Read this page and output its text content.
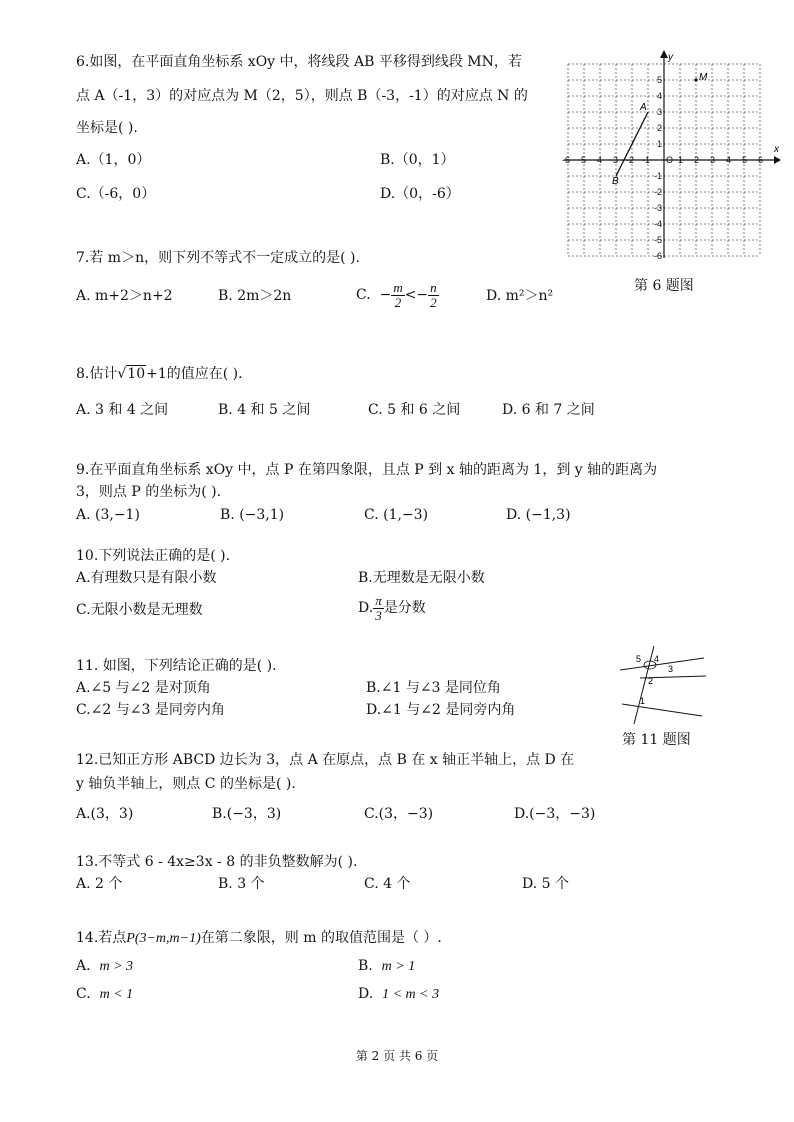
6.如图，在平面直角坐标系 xOy 中，将线段 AB 平移得到线段 MN，若
点 A（-1，3）的对应点为 M（2，5），则点 B（-3，-1）的对应点 N 的
坐标是( ).
A.（1，0）	B.（0，1）
C.（-6，0）	D.（0，-6）
-6 -5 -4 -3 -2 -1 O 1 2 3 4 5 6
5
4
3
2
1
-1
-2
-3
-4
-5
-6
x
y
A
B
M
第 6 题图
7.若 m＞n，则下列不等式不一定成立的是( ).
A. m+2＞n+2	B. 2m＞2n	C.  − $\frac{m}{2} <- \frac{n}{2}$	D. m²＞n²
8.估计√10+1的值应在( ).
A. 3 和 4 之间	B. 4 和 5 之间	C. 5 和 6 之间	D. 6 和 7 之间
9.在平面直角坐标系 xOy 中，点 P 在第四象限，且点 P 到 x 轴的距离为 1，到 y 轴的距离为
3，则点 P 的坐标为( ).
A. (3,−1)	B. (−3,1)	C. (1,−3)	D. (−1,3)
10.下列说法正确的是( ).
A.有理数只是有限小数	B.无理数是无限小数
C.无限小数是无理数	D. $\frac{\pi}{3}$ 是分数
11. 如图，下列结论正确的是( ).
A.∠5 与∠2 是对顶角	B.∠1 与∠3 是同位角
C.∠2 与∠3 是同旁内角	D.∠1 与∠2 是同旁内角
5 4
3
2
1
第 11 题图
12.已知正方形 ABCD 边长为 3，点 A 在原点，点 B 在 x 轴正半轴上，点 D 在
y 轴负半轴上，则点 C 的坐标是( ).
A.(3，3)	B.(−3，3)	C.(3，−3)	D.(−3，−3)
13.不等式 6 - 4x≥3x - 8 的非负整数解为( ).
A. 2 个	B. 3 个	C. 4 个	D. 5 个
14.若点P(3−m,m−1)在第二象限，则 m 的取值范围是（ ）.
A. m > 3	B. m > 1
C. m < 1	D. 1 < m < 3
第 2 页 共 6 页
